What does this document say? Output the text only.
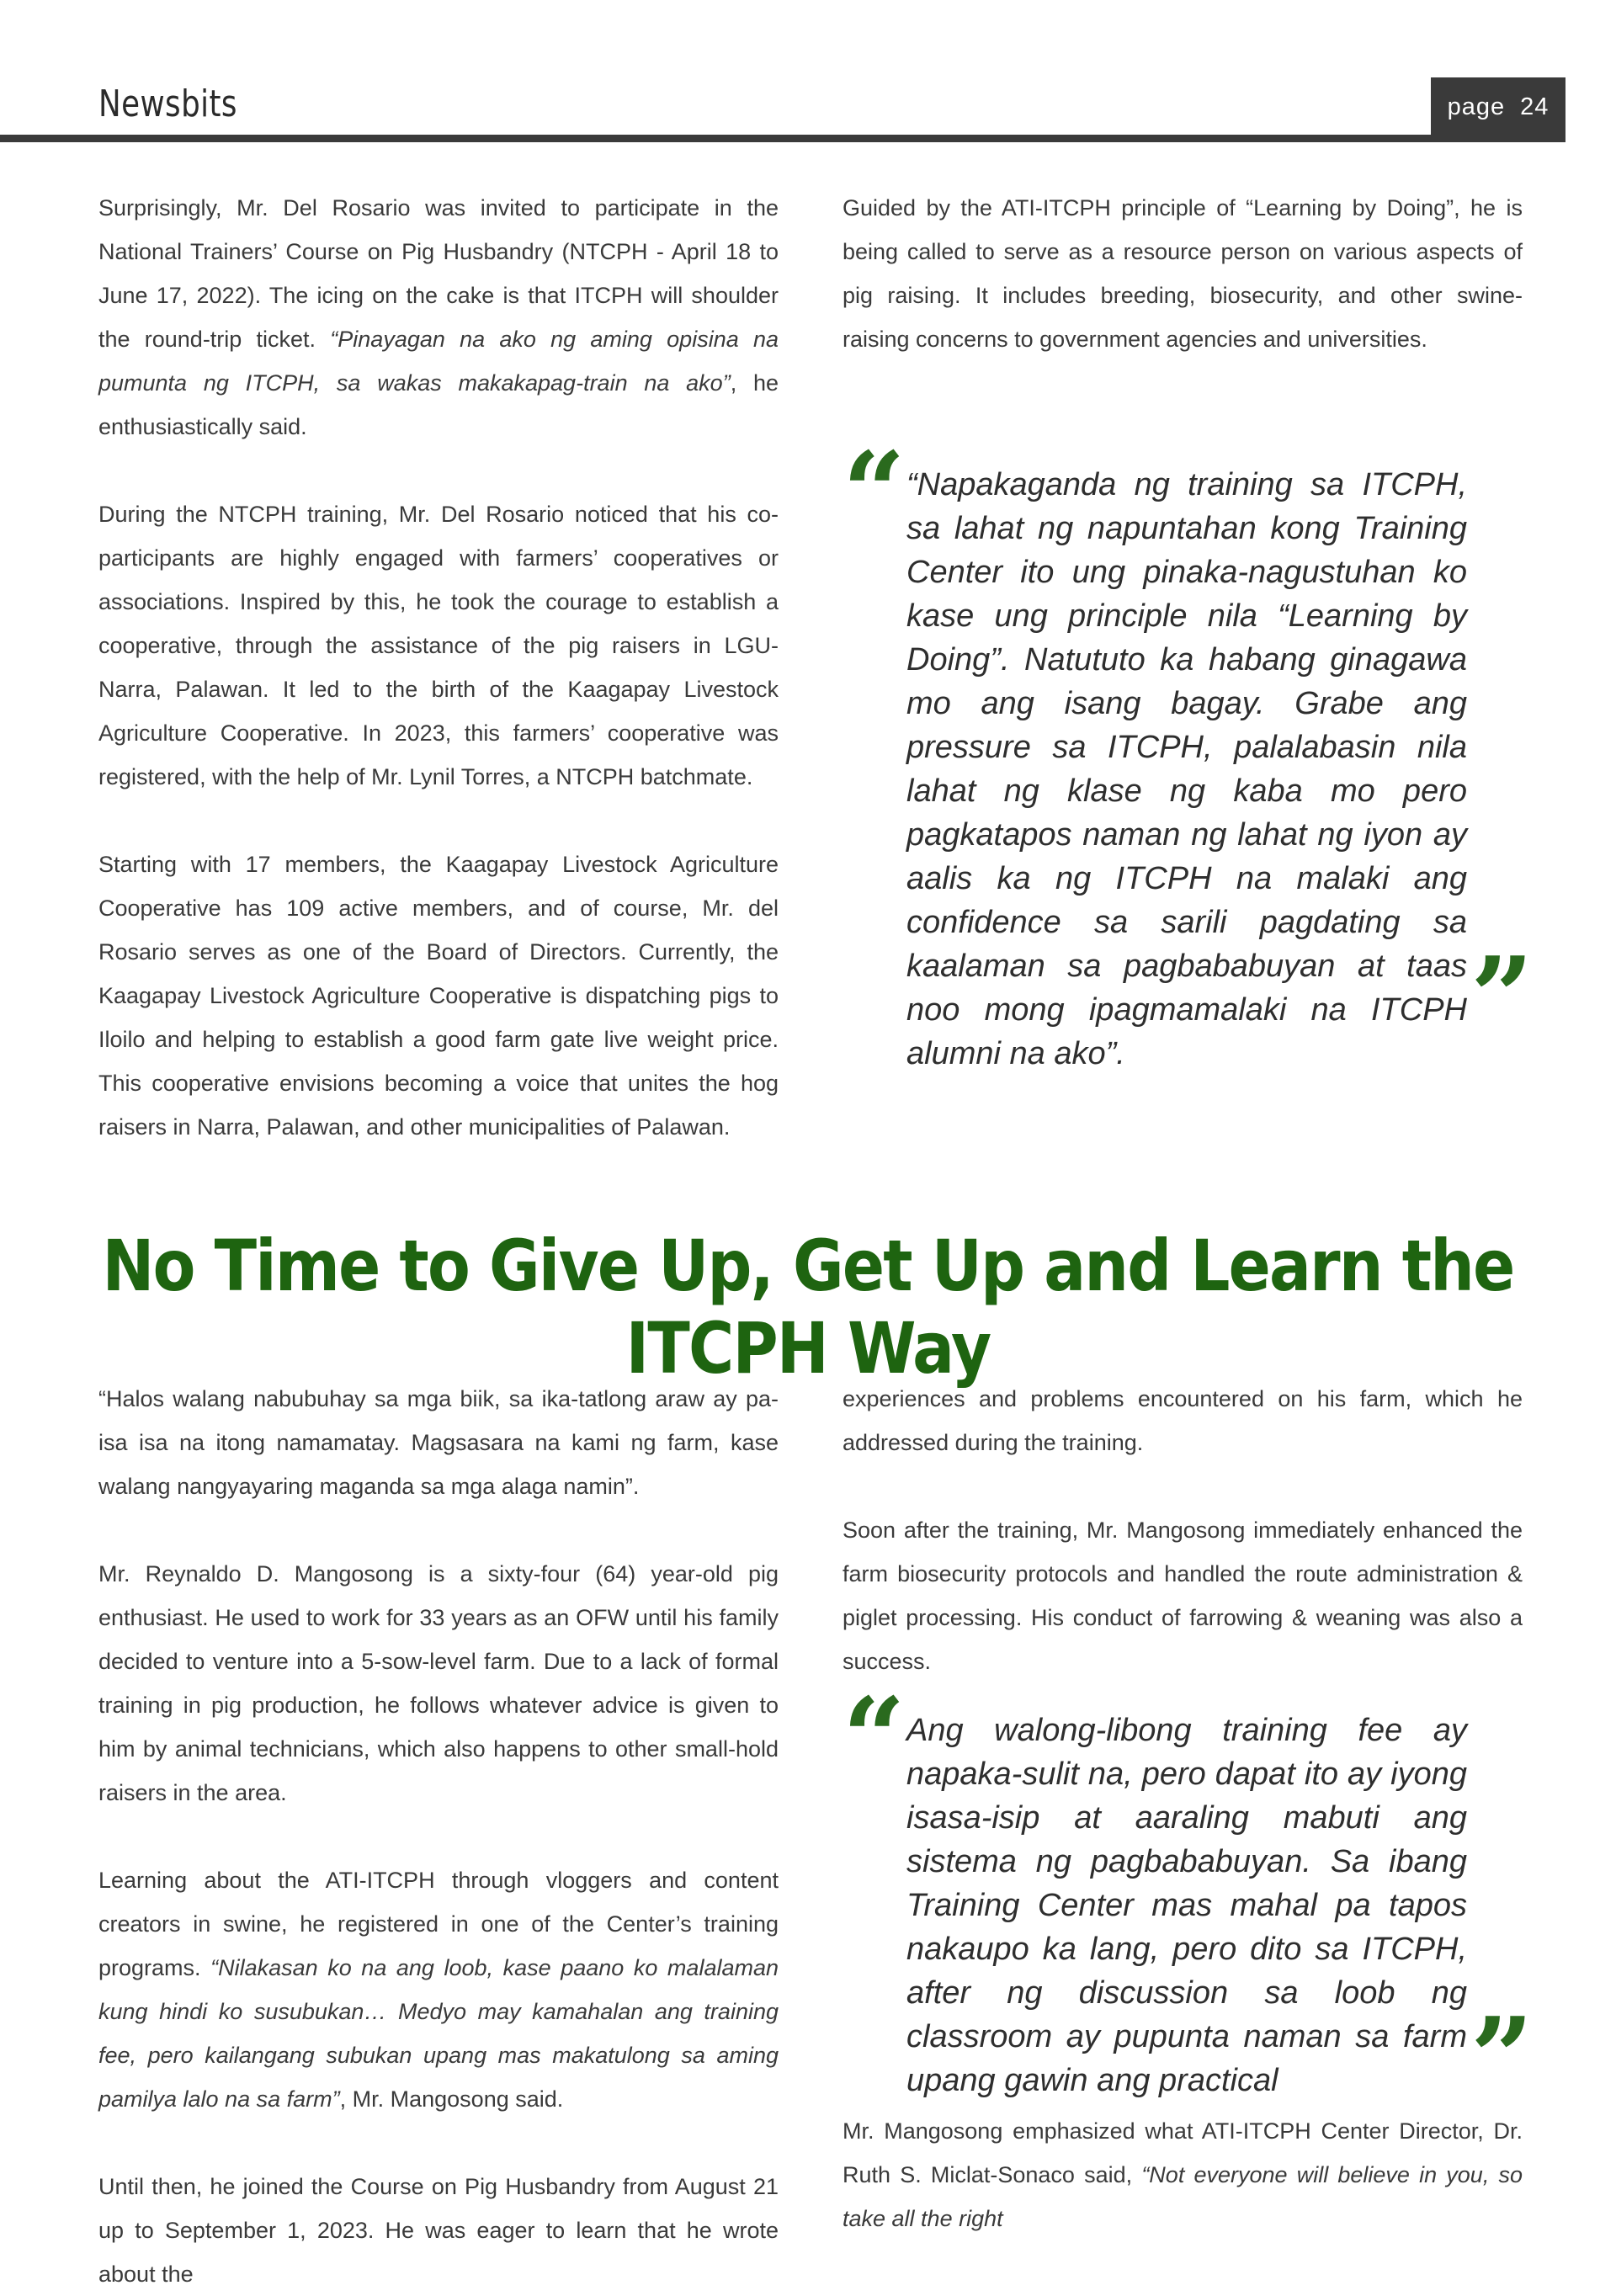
Newsbits	page 24

Surprisingly, Mr. Del Rosario was invited to participate in the National Trainers’ Course on Pig Husbandry (NTCPH - April 18 to June 17, 2022). The icing on the cake is that ITCPH will shoulder the round-trip ticket. “Pinayagan na ako ng aming opisina na pumunta ng ITCPH, sa wakas makakapag-train na ako”, he enthusiastically said.

During the NTCPH training, Mr. Del Rosario noticed that his co-participants are highly engaged with farmers’ cooperatives or associations. Inspired by this, he took the courage to establish a cooperative, through the assistance of the pig raisers in LGU-Narra, Palawan. It led to the birth of the Kaagapay Livestock Agriculture Cooperative. In 2023, this farmers’ cooperative was registered, with the help of Mr. Lynil Torres, a NTCPH batchmate.

Starting with 17 members, the Kaagapay Livestock Agriculture Cooperative has 109 active members, and of course, Mr. del Rosario serves as one of the Board of Directors. Currently, the Kaagapay Livestock Agriculture Cooperative is dispatching pigs to Iloilo and helping to establish a good farm gate live weight price. This cooperative envisions becoming a voice that unites the hog raisers in Narra, Palawan, and other municipalities of Palawan.

Guided by the ATI-ITCPH principle of “Learning by Doing”, he is being called to serve as a resource person on various aspects of pig raising. It includes breeding, biosecurity, and other swine-raising concerns to government agencies and universities.

“ “Napakaganda ng training sa ITCPH, sa lahat ng napuntahan kong Training Center ito ung pinaka-nagustuhan ko kase ung principle nila “Learning by Doing”. Natututo ka habang ginagawa mo ang isang bagay. Grabe ang pressure sa ITCPH, palalabasin nila lahat ng klase ng kaba mo pero pagkatapos naman ng lahat ng iyon ay aalis ka ng ITCPH na malaki ang confidence sa sarili pagdating sa kaalaman sa pagbababuyan at taas noo mong ipagmamalaki na ITCPH alumni na ako”.	”
No Time to Give Up, Get Up and Learn the ITCPH Way

“Halos walang nabubuhay sa mga biik, sa ika-tatlong araw ay pa-isa isa na itong namamatay. Magsasara na kami ng farm, kase walang nangyayaring maganda sa mga alaga namin”.

Mr. Reynaldo D. Mangosong is a sixty-four (64) year-old pig enthusiast. He used to work for 33 years as an OFW until his family decided to venture into a 5-sow-level farm. Due to a lack of formal training in pig production, he follows whatever advice is given to him by animal technicians, which also happens to other small-hold raisers in the area.

Learning about the ATI-ITCPH through vloggers and content creators in swine, he registered in one of the Center’s training programs. “Nilakasan ko na ang loob, kase paano ko malalaman kung hindi ko susubukan… Medyo may kamahalan ang training fee, pero kailangang subukan upang mas makatulong sa aming pamilya lalo na sa farm”, Mr. Mangosong said.

Until then, he joined the Course on Pig Husbandry from August 21 up to September 1, 2023. He was eager to learn that he wrote about the

experiences and problems encountered on his farm, which he addressed during the training.

Soon after the training, Mr. Mangosong immediately enhanced the farm biosecurity protocols and handled the route administration & piglet processing. His conduct of farrowing & weaning was also a success.

“ Ang walong-libong training fee ay napaka-sulit na, pero dapat ito ay iyong isasa-isip at aaraling mabuti ang sistema ng pagbababuyan. Sa ibang Training Center mas mahal pa tapos nakaupo ka lang, pero dito sa ITCPH, after ng discussion sa loob ng classroom ay pupunta naman sa farm upang gawin ang practical	”

Mr. Mangosong emphasized what ATI-ITCPH Center Director, Dr. Ruth S. Miclat-Sonaco said, “Not everyone will believe in you, so take all the right
